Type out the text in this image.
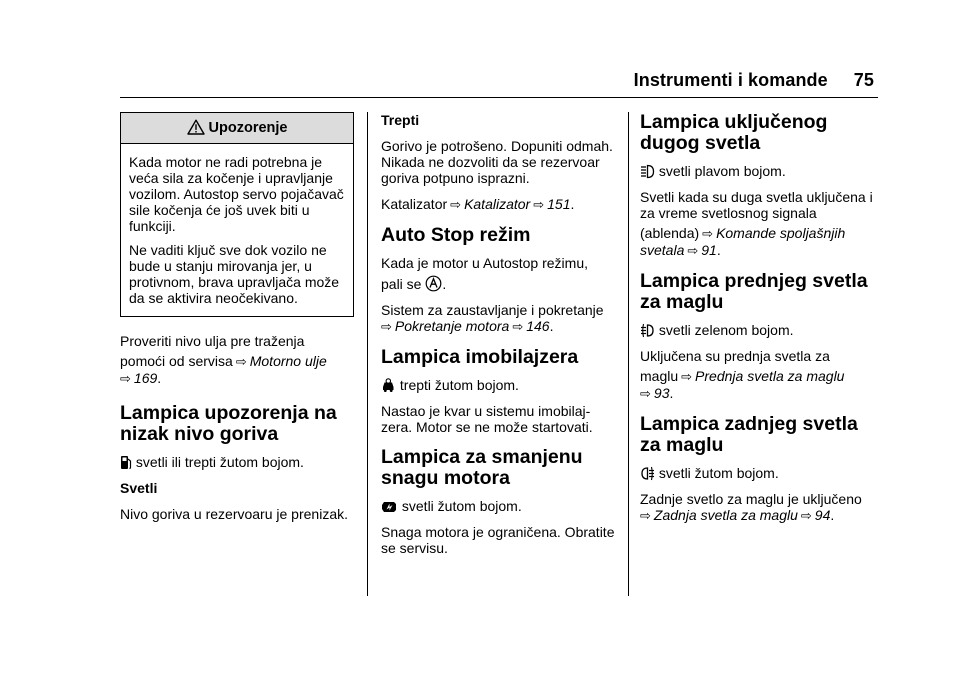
Instrumenti i komande 75
Upozorenje

Kada motor ne radi potrebna je veća sila za kočenje i upravljanje vozilom. Autostop servo pojačavač sile kočenja će još uvek biti u funkciji.

Ne vaditi ključ sve dok vozilo ne bude u stanju mirovanja jer, u protivnom, brava upravljača može da se aktivira neočekivano.

Proveriti nivo ulja pre traženja

pomoći od servisa ⇨ Motorno ulje
⇨ 169.

Lampica upozorenja na nizak nivo goriva

svetli ili trepti žutom bojom.

Svetli

Nivo goriva u rezervoaru je prenizak.

Trepti

Gorivo je potrošeno. Dopuniti odmah. Nikada ne dozvoliti da se rezervoar goriva potpuno isprazni.

Katalizator ⇨ Katalizator ⇨ 151.

Auto Stop režim

Kada je motor u Autostop režimu,

pali se .

Sistem za zaustavljanje i pokretanje
⇨ Pokretanje motora ⇨ 146.

Lampica imobilajzera

trepti žutom bojom.

Nastao je kvar u sistemu imobilaj-zera. Motor se ne može startovati.

Lampica za smanjenu snagu motora

svetli žutom bojom.

Snaga motora je ograničena. Obratite se servisu.

Lampica uključenog dugog svetla

svetli plavom bojom.

Svetli kada su duga svetla uključena i za vreme svetlosnog signala

(ablenda) ⇨ Komande spoljašnjih
svetala ⇨ 91.

Lampica prednjeg svetla za maglu

svetli zelenom bojom.

Uključena su prednja svetla za

maglu ⇨ Prednja svetla za maglu
⇨ 93.

Lampica zadnjeg svetla za maglu

svetli žutom bojom.

Zadnje svetlo za maglu je uključeno
⇨ Zadnja svetla za maglu ⇨ 94.
